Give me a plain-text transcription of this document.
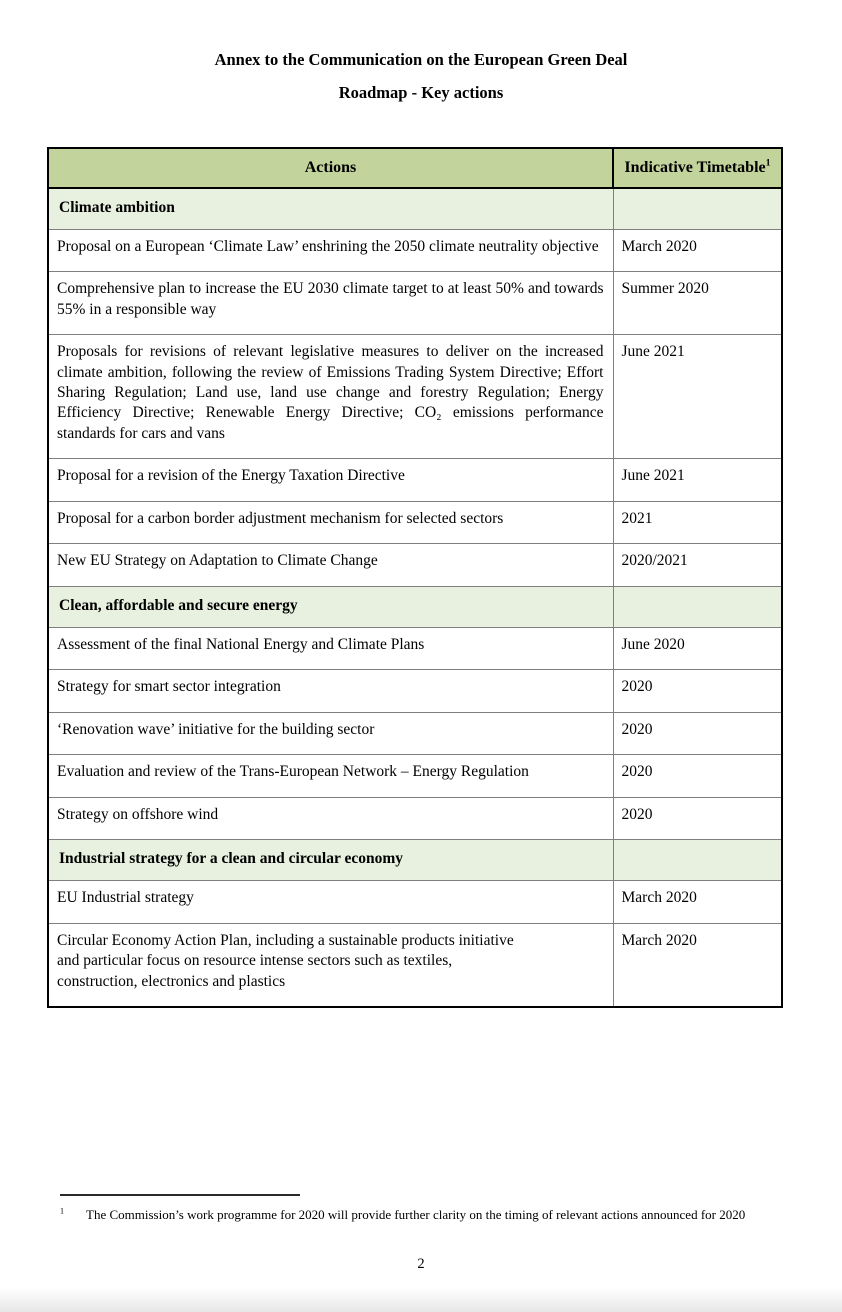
Annex to the Communication on the European Green Deal
Roadmap - Key actions
Actions	Indicative Timetable$^1$
Climate ambition	
Proposal on a European ‘Climate Law’ enshrining the 2050 climate neutrality objective	March 2020
Comprehensive plan to increase the EU 2030 climate target to at least 50% and towards 55% in a responsible way	Summer 2020
Proposals for revisions of relevant legislative measures to deliver on the increased climate ambition, following the review of Emissions Trading System Directive; Effort Sharing Regulation; Land use, land use change and forestry Regulation; Energy Efficiency Directive; Renewable Energy Directive; CO₂ emissions performance standards for cars and vans	June 2021
Proposal for a revision of the Energy Taxation Directive	June 2021
Proposal for a carbon border adjustment mechanism for selected sectors	2021
New EU Strategy on Adaptation to Climate Change	2020/2021
Clean, affordable and secure energy	
Assessment of the final National Energy and Climate Plans	June 2020
Strategy for smart sector integration	2020
‘Renovation wave’ initiative for the building sector	2020

Evaluation and review of the Trans-European Network – Energy Regulation	2020
Strategy on offshore wind	2020
Industrial strategy for a clean and circular economy	
EU Industrial strategy	March 2020

Circular Economy Action Plan, including a sustainable products initiative and particular focus on resource intense sectors such as textiles, construction, electronics and plastics	March 2020
$^1$	The Commission’s work programme for 2020 will provide further clarity on the timing of relevant actions announced for 2020
2
